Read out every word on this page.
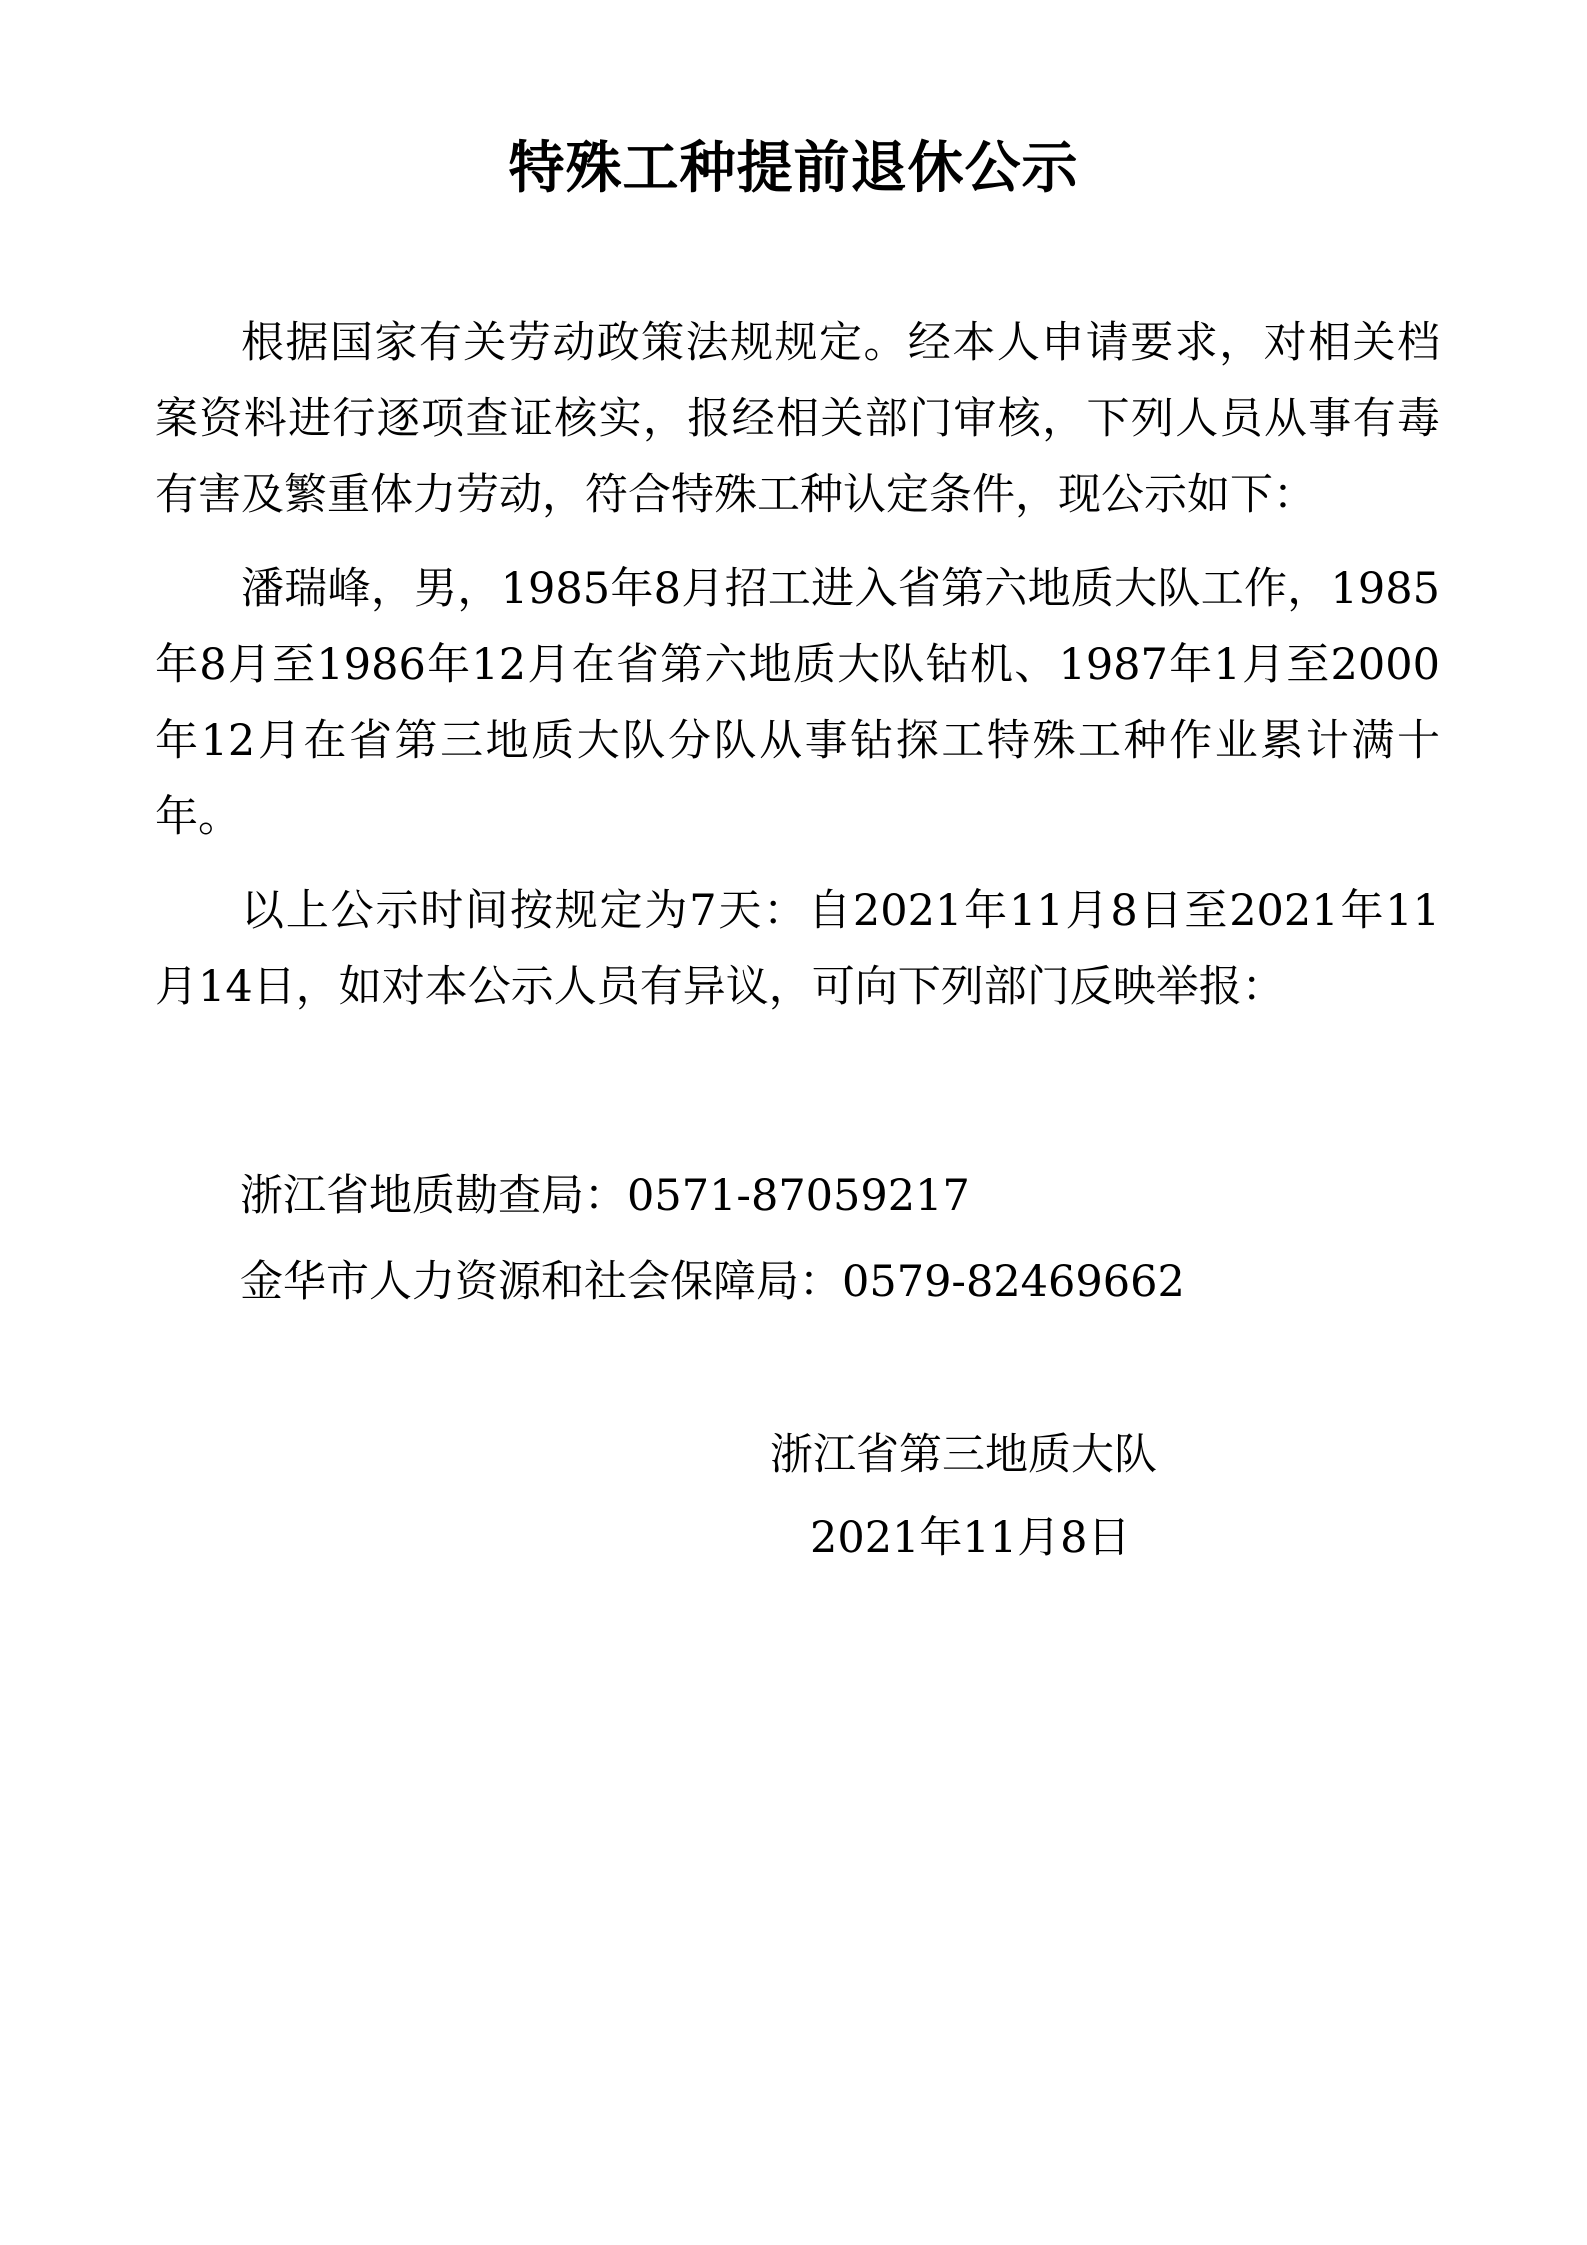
特殊工种提前退休公示

根据国家有关劳动政策法规规定。经本人申请要求，对相关档案资料进行逐项查证核实，报经相关部门审核，下列人员从事有毒有害及繁重体力劳动，符合特殊工种认定条件，现公示如下：

潘瑞峰，男，1985年8月招工进入省第六地质大队工作，1985年8月至1986年12月在省第六地质大队钻机、1987年1月至2000年12月在省第三地质大队分队从事钻探工特殊工种作业累计满十年。

以上公示时间按规定为7天：自2021年11月8日至2021年11月14日，如对本公示人员有异议，可向下列部门反映举报：

浙江省地质勘查局：0571-87059217
金华市人力资源和社会保障局：0579-82469662
浙江省第三地质大队
2021年11月8日
